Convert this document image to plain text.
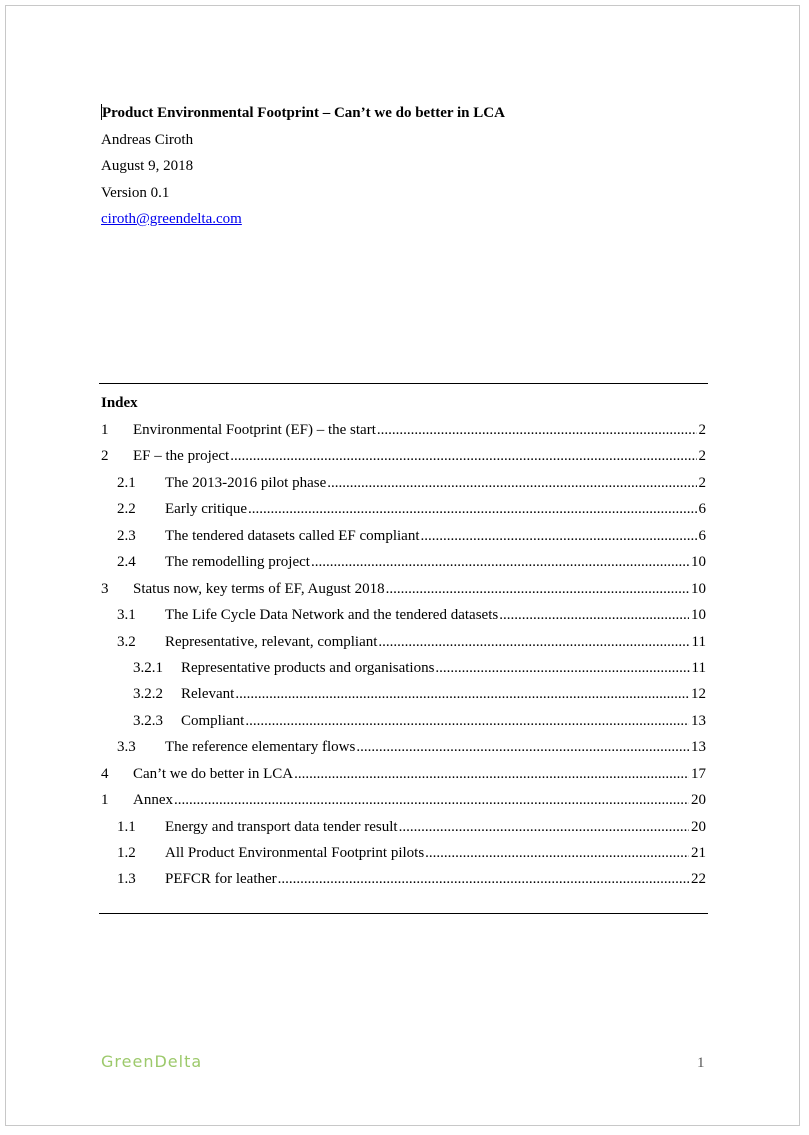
Product Environmental Footprint – Can’t we do better in LCA
Andreas Ciroth
August 9, 2018
Version 0.1
ciroth@greendelta.com
Index
1	Environmental Footprint (EF) – the start .....	2
2	EF – the project .....	2
2.1	The 2013-2016 pilot phase .....	2
2.2	Early critique .....	6
2.3	The tendered datasets called EF compliant .....	6
2.4	The remodelling project .....	10
3	Status now, key terms of EF, August 2018 .....	10
3.1	The Life Cycle Data Network and the tendered datasets .....	10
3.2	Representative, relevant, compliant .....	11
3.2.1	Representative products and organisations .....	11
3.2.2	Relevant .....	12
3.2.3	Compliant .....	13
3.3	The reference elementary flows .....	13
4	Can’t we do better in LCA .....	17
1	Annex .....	20
1.1	Energy and transport data tender result .....	20
1.2	All Product Environmental Footprint pilots .....	21
1.3	PEFCR for leather .....	22
GreenDelta	1
